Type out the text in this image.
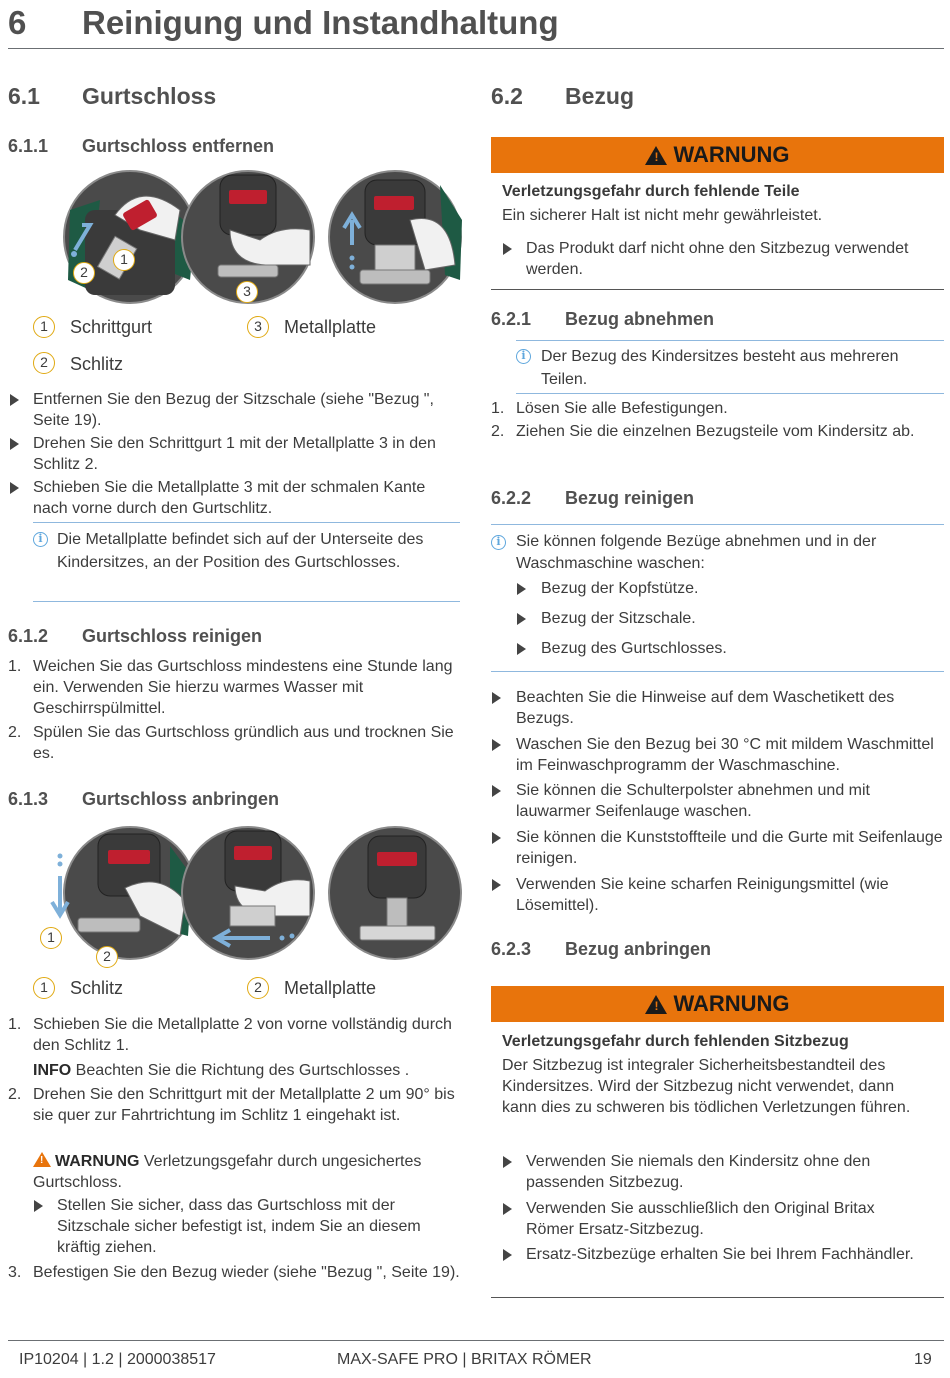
6 Reinigung und Instandhaltung
6.1 Gurtschloss
6.1.1 Gurtschloss entfernen
2
1
3
1	Schrittgurt	3	Metallplatte
2	Schlitz
Entfernen Sie den Bezug der Sitzschale (siehe "Bezug ", Seite 19).
Drehen Sie den Schrittgurt 1 mit der Metallplatte 3 in den Schlitz 2.
Schieben Sie die Metallplatte 3 mit der schmalen Kante nach vorne durch den Gurtschlitz.
i Die Metallplatte befindet sich auf der Unterseite des Kindersitzes, an der Position des Gurtschlosses.
6.1.2 Gurtschloss reinigen
1. Weichen Sie das Gurtschloss mindestens eine Stunde lang ein. Verwenden Sie hierzu warmes Wasser mit Geschirrspülmittel.
2. Spülen Sie das Gurtschloss gründlich aus und trocknen Sie es.
6.1.3 Gurtschloss anbringen
1
2
1	Schlitz	2	Metallplatte
1. Schieben Sie die Metallplatte 2 von vorne vollständig durch den Schlitz 1.
INFO Beachten Sie die Richtung des Gurtschlosses .
2. Drehen Sie den Schrittgurt mit der Metallplatte 2 um 90° bis sie quer zur Fahrtrichtung im Schlitz 1 eingehakt ist.
! WARNUNG Verletzungsgefahr durch ungesichertes Gurtschloss.
Stellen Sie sicher, dass das Gurtschloss mit der Sitzschale sicher befestigt ist, indem Sie an diesem kräftig ziehen.
3. Befestigen Sie den Bezug wieder (siehe "Bezug ", Seite 19).
6.2 Bezug
! WARNUNG
Verletzungsgefahr durch fehlende Teile
Ein sicherer Halt ist nicht mehr gewährleistet.
Das Produkt darf nicht ohne den Sitzbezug verwendet werden.
6.2.1 Bezug abnehmen
i Der Bezug des Kindersitzes besteht aus mehreren Teilen.
1. Lösen Sie alle Befestigungen.
2. Ziehen Sie die einzelnen Bezugsteile vom Kindersitz ab.
6.2.2 Bezug reinigen
i Sie können folgende Bezüge abnehmen und in der Waschmaschine waschen:
Bezug der Kopfstütze.
Bezug der Sitzschale.
Bezug des Gurtschlosses.
Beachten Sie die Hinweise auf dem Waschetikett des Bezugs.
Waschen Sie den Bezug bei 30 °C mit mildem Waschmittel im Feinwaschprogramm der Waschmaschine.
Sie können die Schulterpolster abnehmen und mit lauwarmer Seifenlauge waschen.
Sie können die Kunststoffteile und die Gurte mit Seifenlauge reinigen.
Verwenden Sie keine scharfen Reinigungsmittel (wie Lösemittel).
6.2.3 Bezug anbringen
! WARNUNG
Verletzungsgefahr durch fehlenden Sitzbezug
Der Sitzbezug ist integraler Sicherheitsbestandteil des Kindersitzes. Wird der Sitzbezug nicht verwendet, dann kann dies zu schweren bis tödlichen Verletzungen führen.
Verwenden Sie niemals den Kindersitz ohne den passenden Sitzbezug.
Verwenden Sie ausschließlich den Original Britax Römer Ersatz-Sitzbezug.
Ersatz-Sitzbezüge erhalten Sie bei Ihrem Fachhändler.
IP10204 | 1.2 | 2000038517	MAX-SAFE PRO | BRITAX RÖMER	19
